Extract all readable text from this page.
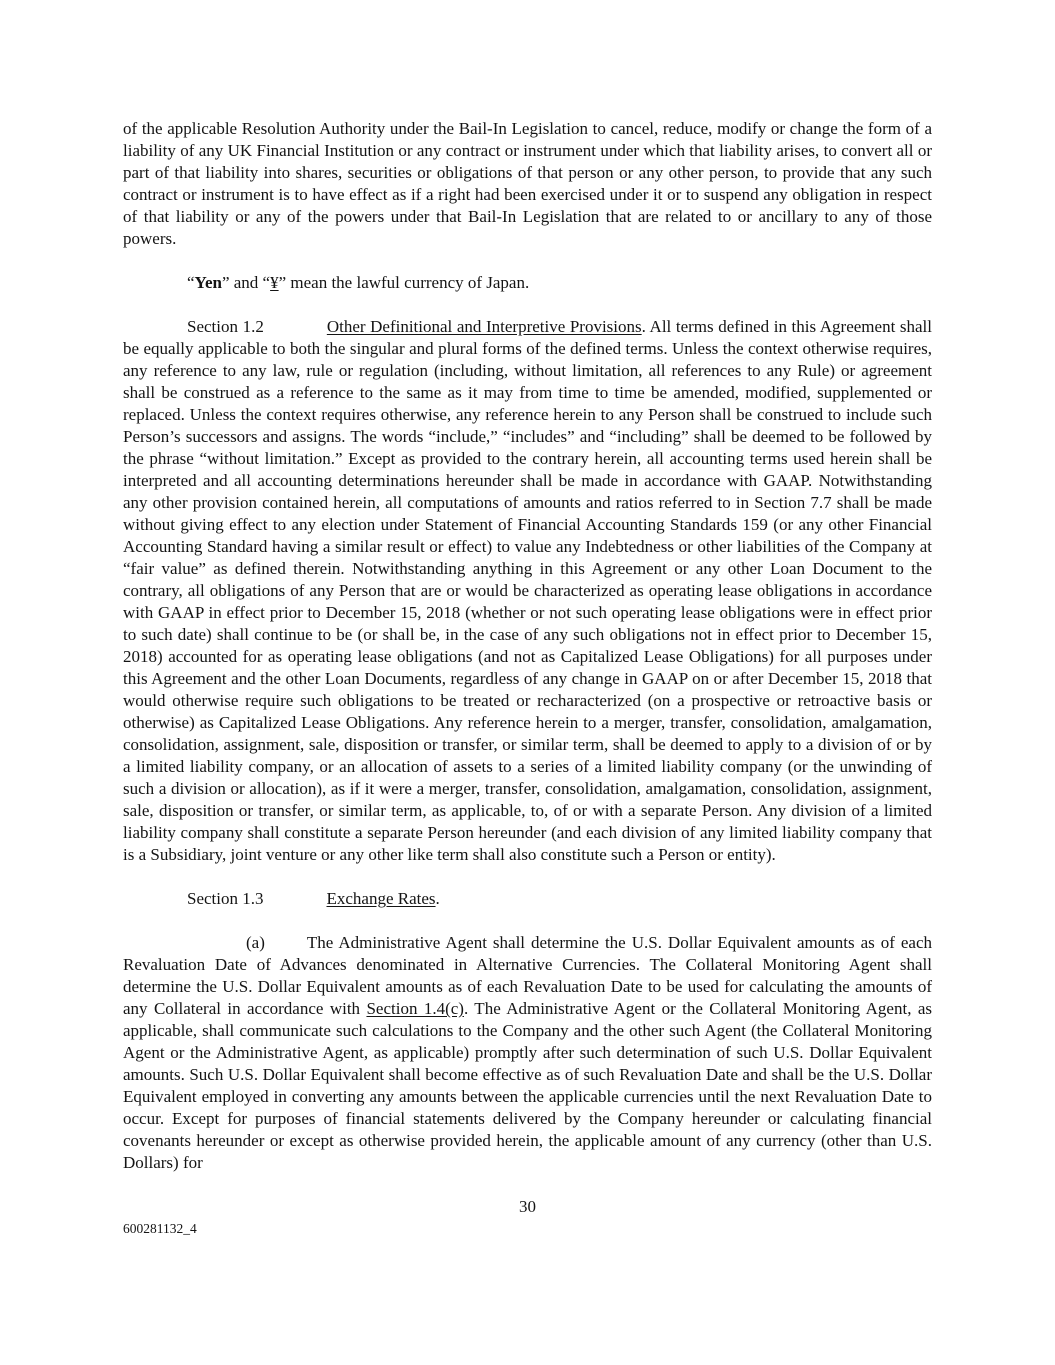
of the applicable Resolution Authority under the Bail-In Legislation to cancel, reduce, modify or change the form of a liability of any UK Financial Institution or any contract or instrument under which that liability arises, to convert all or part of that liability into shares, securities or obligations of that person or any other person, to provide that any such contract or instrument is to have effect as if a right had been exercised under it or to suspend any obligation in respect of that liability or any of the powers under that Bail-In Legislation that are related to or ancillary to any of those powers.

“Yen” and “¥” mean the lawful currency of Japan.

Section 1.2	Other Definitional and Interpretive Provisions. All terms defined in this Agreement shall be equally applicable to both the singular and plural forms of the defined terms. Unless the context otherwise requires, any reference to any law, rule or regulation (including, without limitation, all references to any Rule) or agreement shall be construed as a reference to the same as it may from time to time be amended, modified, supplemented or replaced. Unless the context requires otherwise, any reference herein to any Person shall be construed to include such Person’s successors and assigns. The words “include,” “includes” and “including” shall be deemed to be followed by the phrase “without limitation.” Except as provided to the contrary herein, all accounting terms used herein shall be interpreted and all accounting determinations hereunder shall be made in accordance with GAAP. Notwithstanding any other provision contained herein, all computations of amounts and ratios referred to in Section 7.7 shall be made without giving effect to any election under Statement of Financial Accounting Standards 159 (or any other Financial Accounting Standard having a similar result or effect) to value any Indebtedness or other liabilities of the Company at “fair value” as defined therein. Notwithstanding anything in this Agreement or any other Loan Document to the contrary, all obligations of any Person that are or would be characterized as operating lease obligations in accordance with GAAP in effect prior to December 15, 2018 (whether or not such operating lease obligations were in effect prior to such date) shall continue to be (or shall be, in the case of any such obligations not in effect prior to December 15, 2018) accounted for as operating lease obligations (and not as Capitalized Lease Obligations) for all purposes under this Agreement and the other Loan Documents, regardless of any change in GAAP on or after December 15, 2018 that would otherwise require such obligations to be treated or recharacterized (on a prospective or retroactive basis or otherwise) as Capitalized Lease Obligations. Any reference herein to a merger, transfer, consolidation, amalgamation, consolidation, assignment, sale, disposition or transfer, or similar term, shall be deemed to apply to a division of or by a limited liability company, or an allocation of assets to a series of a limited liability company (or the unwinding of such a division or allocation), as if it were a merger, transfer, consolidation, amalgamation, consolidation, assignment, sale, disposition or transfer, or similar term, as applicable, to, of or with a separate Person. Any division of a limited liability company shall constitute a separate Person hereunder (and each division of any limited liability company that is a Subsidiary, joint venture or any other like term shall also constitute such a Person or entity).

Section 1.3	Exchange Rates.

(a) The Administrative Agent shall determine the U.S. Dollar Equivalent amounts as of each Revaluation Date of Advances denominated in Alternative Currencies. The Collateral Monitoring Agent shall determine the U.S. Dollar Equivalent amounts as of each Revaluation Date to be used for calculating the amounts of any Collateral in accordance with Section 1.4(c). The Administrative Agent or the Collateral Monitoring Agent, as applicable, shall communicate such calculations to the Company and the other such Agent (the Collateral Monitoring Agent or the Administrative Agent, as applicable) promptly after such determination of such U.S. Dollar Equivalent amounts. Such U.S. Dollar Equivalent shall become effective as of such Revaluation Date and shall be the U.S. Dollar Equivalent employed in converting any amounts between the applicable currencies until the next Revaluation Date to occur. Except for purposes of financial statements delivered by the Company hereunder or calculating financial covenants hereunder or except as otherwise provided herein, the applicable amount of any currency (other than U.S. Dollars) for

30
600281132_4
